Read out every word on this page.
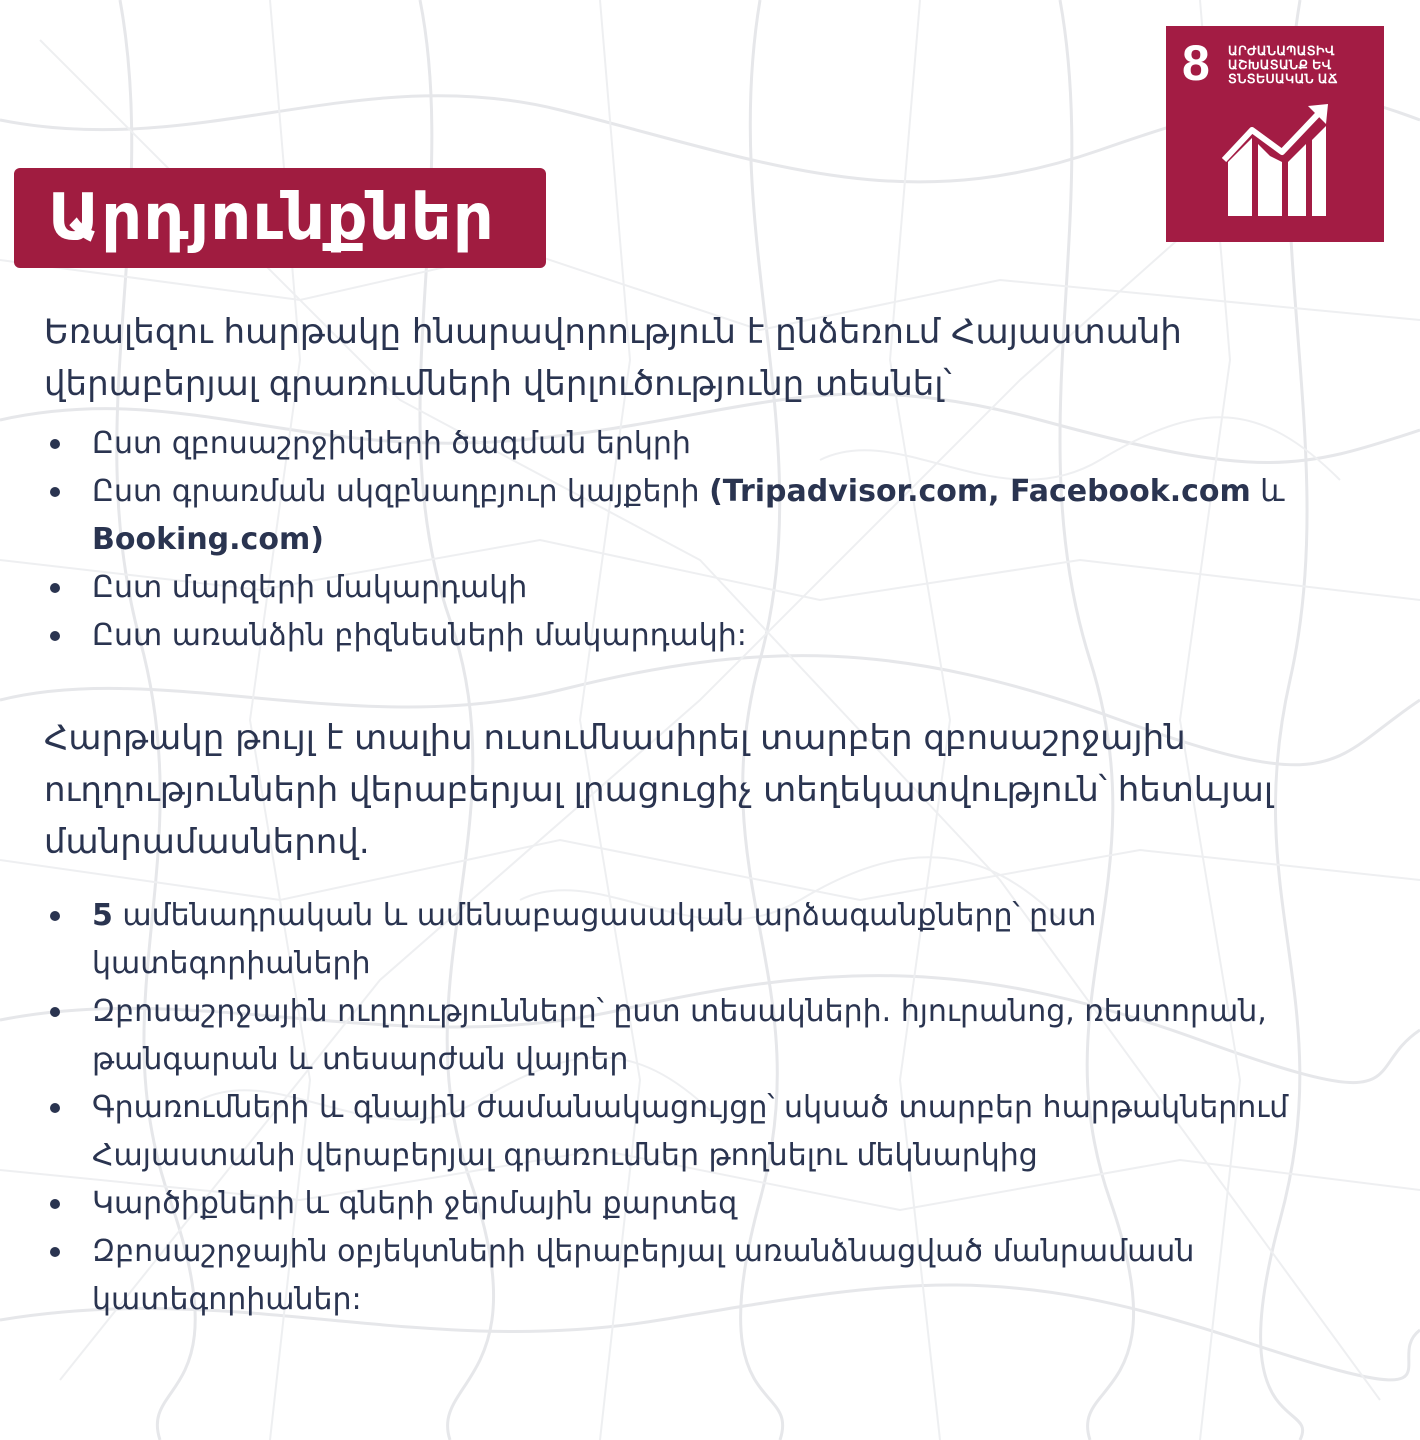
Արդյունքներ
8 ԱՐԺԱՆԱՊԱՏԻՎ
ԱՇԽԱՏԱՆՔ ԵՎ
ՏՆՏԵՍԱԿԱՆ ԱՃ

Եռալեզու հարթակը հնարավորություն է ընձեռում Հայաստանի վերաբերյալ գրառումների վերլուծությունը տեսնել՝

Ըստ զբոսաշրջիկների ծագման երկրի
Ըստ գրառման սկզբնաղբյուր կայքերի (Tripadvisor.com, Facebook.com և Booking.com)
Ըստ մարզերի մակարդակի
Ըստ առանձին բիզնեսների մակարդակի:

Հարթակը թույլ է տալիս ուսումնասիրել տարբեր զբոսաշրջային ուղղությունների վերաբերյալ լրացուցիչ տեղեկատվություն՝ հետևյալ մանրամասներով.

5 ամենադրական և ամենաբացասական արձագանքները՝ ըստ կատեգորիաների
Զբոսաշրջային ուղղությունները՝ ըստ տեսակների. հյուրանոց, ռեստորան, թանգարան և տեսարժան վայրեր
Գրառումների և գնային ժամանակացույցը՝ սկսած տարբեր հարթակներում Հայաստանի վերաբերյալ գրառումներ թողնելու մեկնարկից
Կարծիքների և գների ջերմային քարտեզ
Զբոսաշրջային օբյեկտների վերաբերյալ առանձնացված մանրամասն կատեգորիաներ:
